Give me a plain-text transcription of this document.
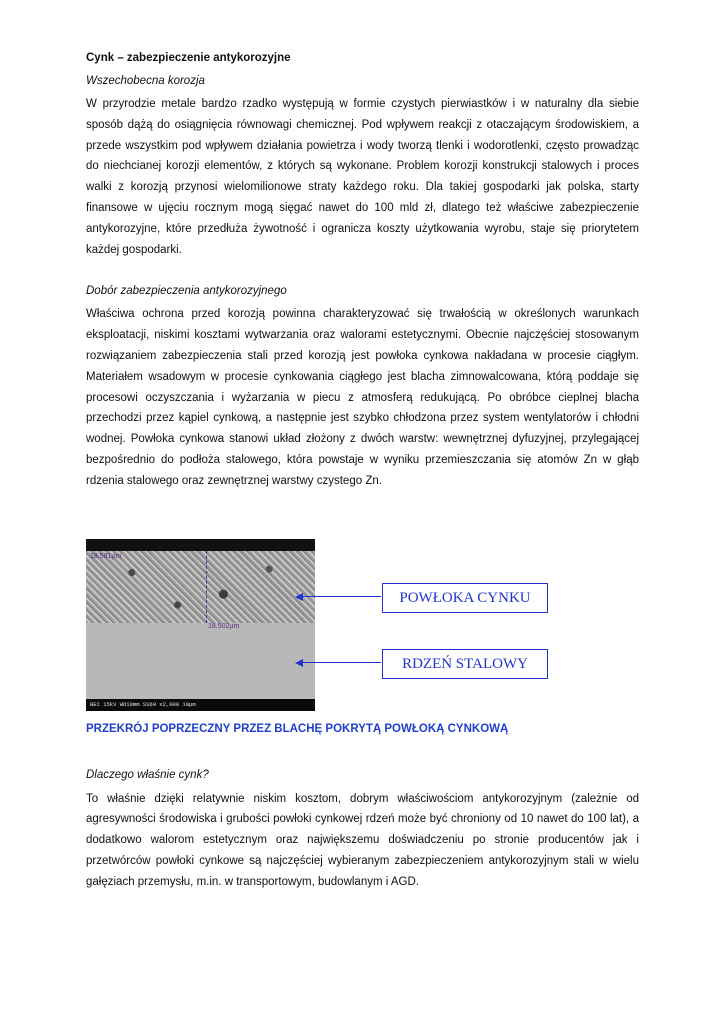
Cynk – zabezpieczenie antykorozyjne

Wszechobecna korozja

W przyrodzie metale bardzo rzadko występują w formie czystych pierwiastków i w naturalny dla siebie sposób dążą do osiągnięcia równowagi chemicznej. Pod wpływem reakcji z otaczającym środowiskiem, a przede wszystkim pod wpływem działania powietrza i wody tworzą tlenki i wodorotlenki, często prowadząc do niechcianej korozji elementów, z których są wykonane. Problem korozji konstrukcji stalowych i proces walki z korozją przynosi wielomilionowe straty każdego roku. Dla takiej gospodarki jak polska, starty finansowe w ujęciu rocznym mogą sięgać nawet do 100 mld zł, dlatego też właściwe zabezpieczenie antykorozyjne, które przedłuża żywotność i ogranicza koszty użytkowania wyrobu, staje się priorytetem każdej gospodarki.

Dobór zabezpieczenia antykorozyjnego

Właściwa ochrona przed korozją powinna charakteryzować się trwałością w określonych warunkach eksploatacji, niskimi kosztami wytwarzania oraz walorami estetycznymi. Obecnie najczęściej stosowanym rozwiązaniem zabezpieczenia stali przed korozją jest powłoka cynkowa nakładana w procesie ciągłym. Materiałem wsadowym w procesie cynkowania ciągłego jest blacha zimnowalcowana, którą poddaje się procesowi oczyszczania i wyżarzania w piecu z atmosferą redukującą. Po obróbce cieplnej blacha przechodzi przez kąpiel cynkową, a następnie jest szybko chłodzona przez system wentylatorów i chłodni wodnej. Powłoka cynkowa stanowi układ złożony z dwóch warstw: wewnętrznej dyfuzyjnej, przylegającej bezpośrednio do podłoża stalowego, która powstaje w wyniku przemieszczania się atomów Zn w głąb rdzenia stalowego oraz zewnętrznej warstwy czystego Zn.

18.581µm
18.502µm
BEC 15kV WD10mm SS60 x2,000 10µm
POWŁOKA CYNKU
RDZEŃ STALOWY

PRZEKRÓJ POPRZECZNY PRZEZ BLACHĘ POKRYTĄ POWŁOKĄ CYNKOWĄ

Dlaczego właśnie cynk?

To właśnie dzięki relatywnie niskim kosztom, dobrym właściwościom antykorozyjnym (zależnie od agresywności środowiska i grubości powłoki cynkowej rdzeń może być chroniony od 10 nawet do 100 lat), a dodatkowo walorom estetycznym oraz największemu doświadczeniu po stronie producentów jak i przetwórców powłoki cynkowe są najczęściej wybieranym zabezpieczeniem antykorozyjnym stali w wielu gałęziach przemysłu, m.in. w transportowym, budowlanym i AGD.
